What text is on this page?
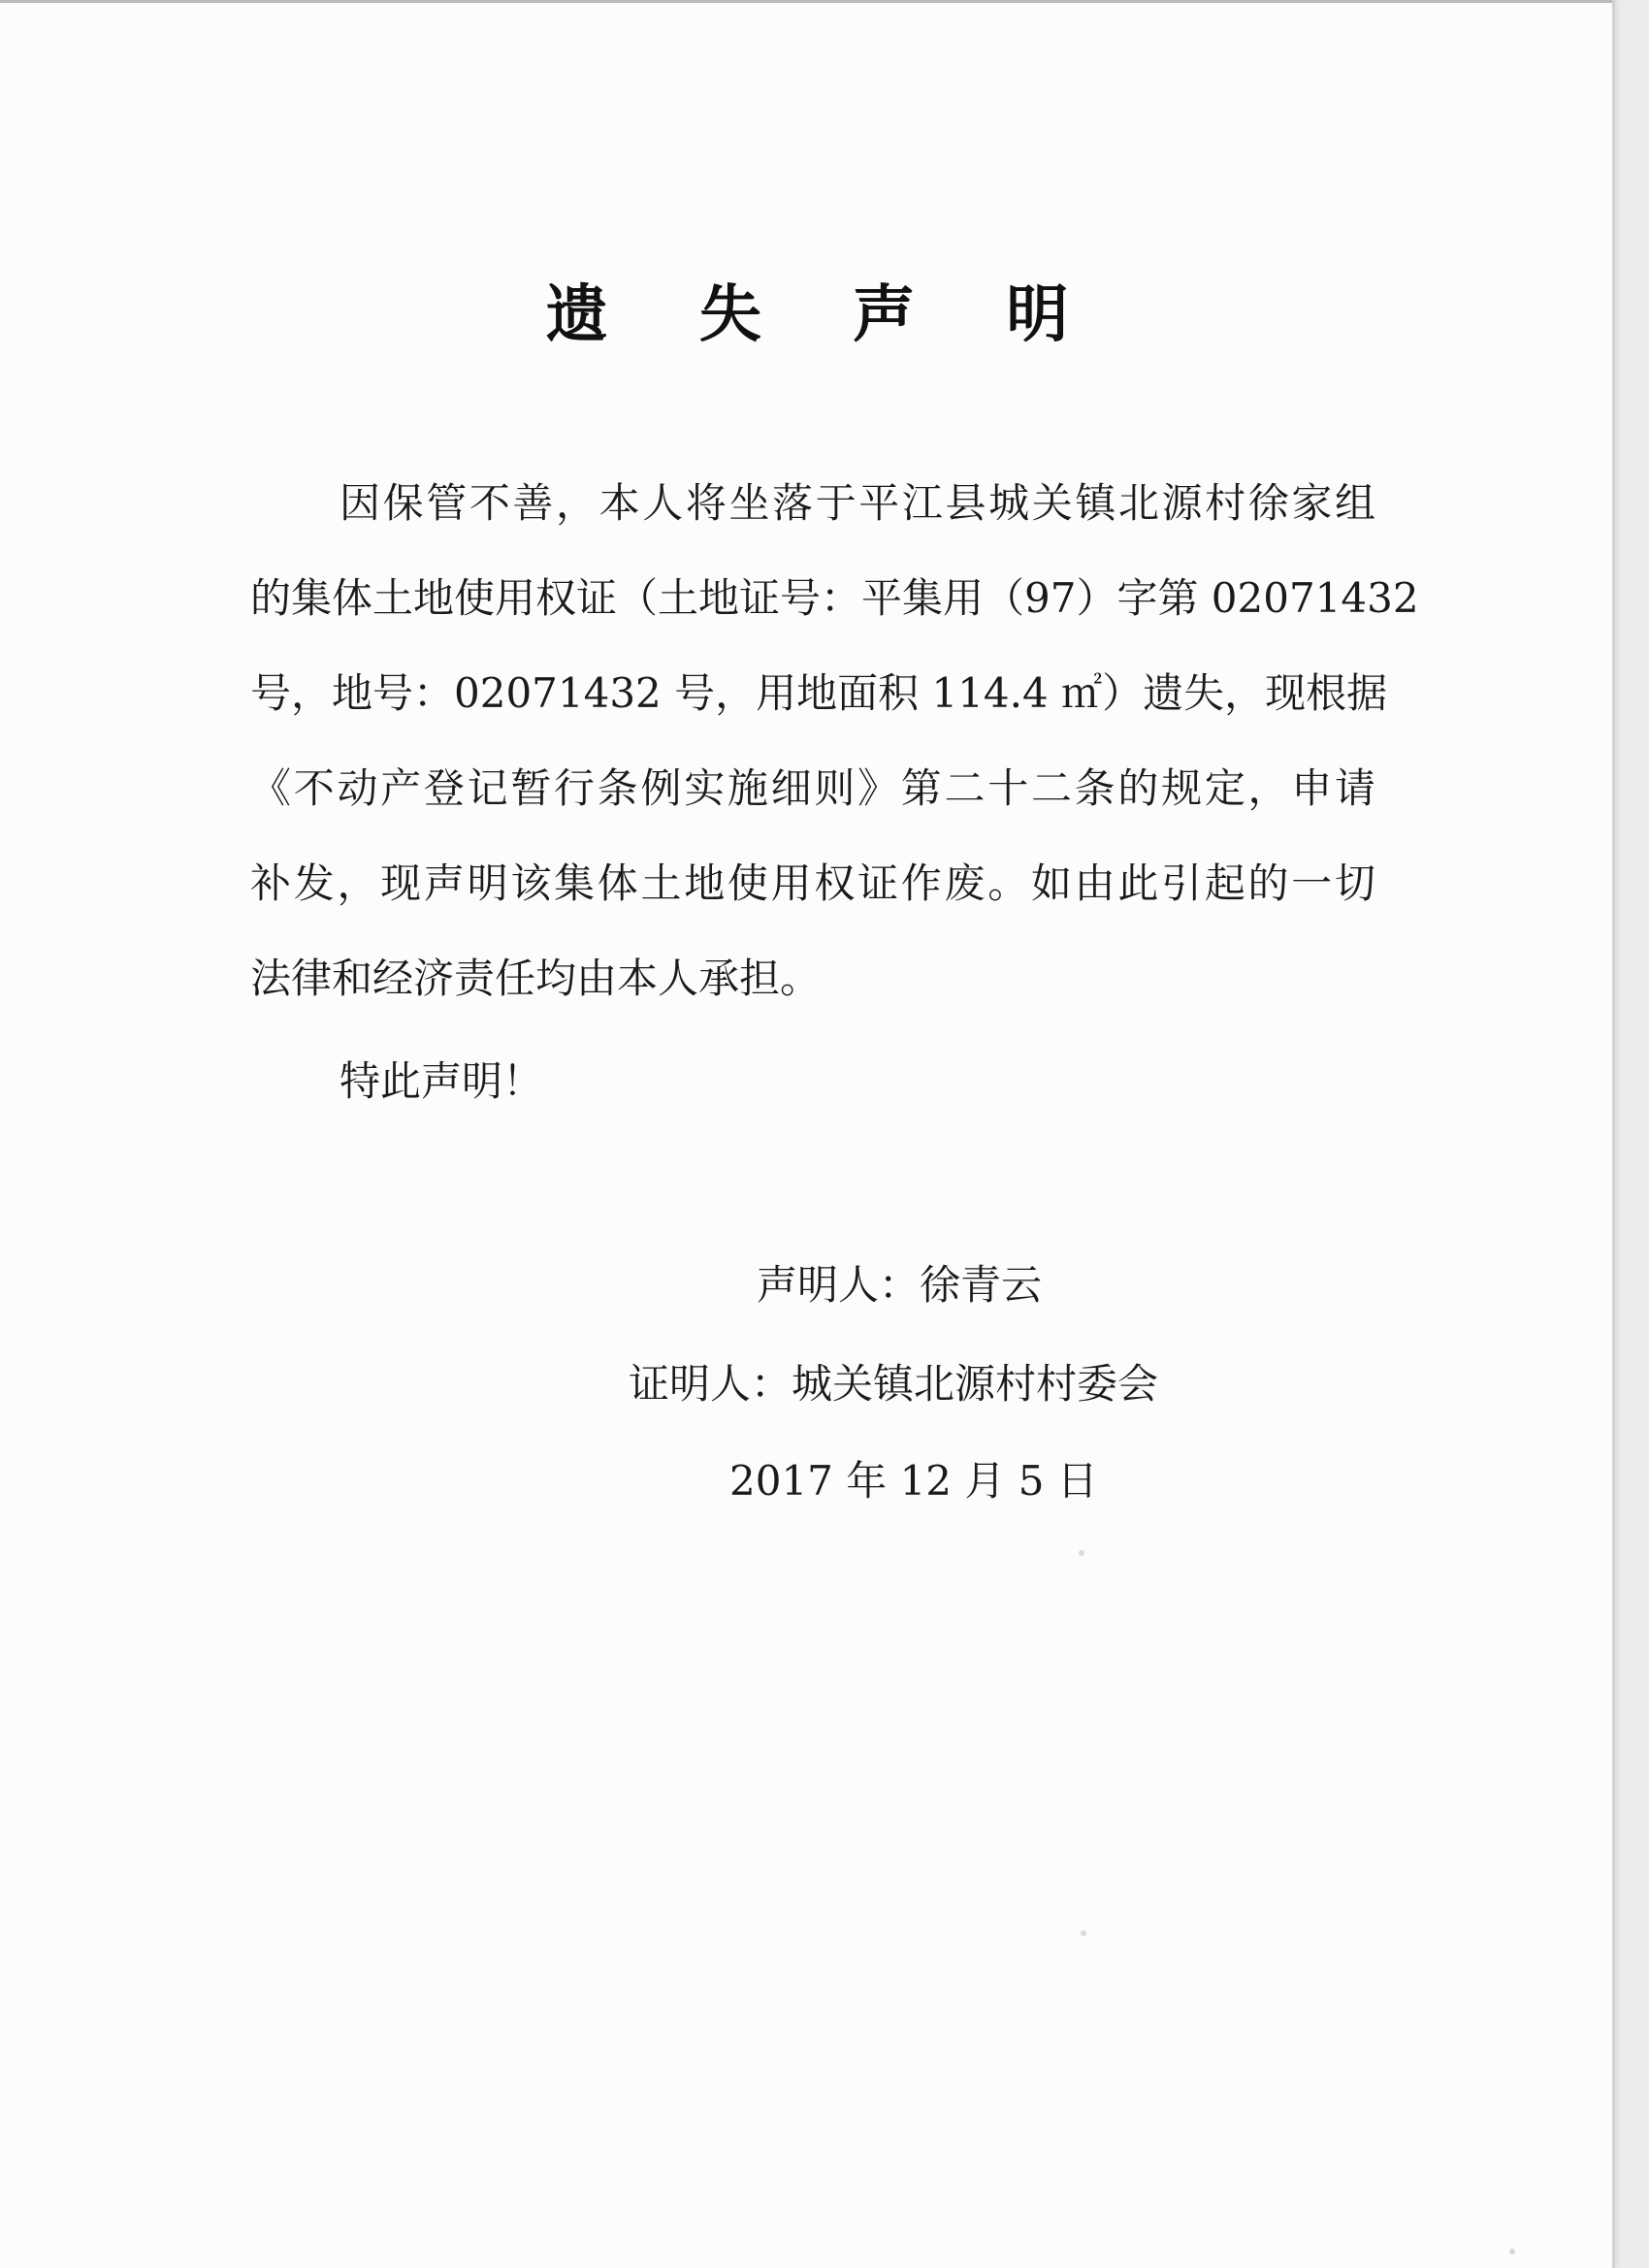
遗 失 声 明
因保管不善，本人将坐落于平江县城关镇北源村徐家组
的集体土地使用权证（土地证号：平集用（97）字第 02071432
号，地号：02071432 号，用地面积 114.4 ㎡）遗失，现根据
《不动产登记暂行条例实施细则》第二十二条的规定，申请
补发，现声明该集体土地使用权证作废。如由此引起的一切
法律和经济责任均由本人承担。
特此声明！
声明人：徐青云
证明人：城关镇北源村村委会
2017 年 12 月 5 日
